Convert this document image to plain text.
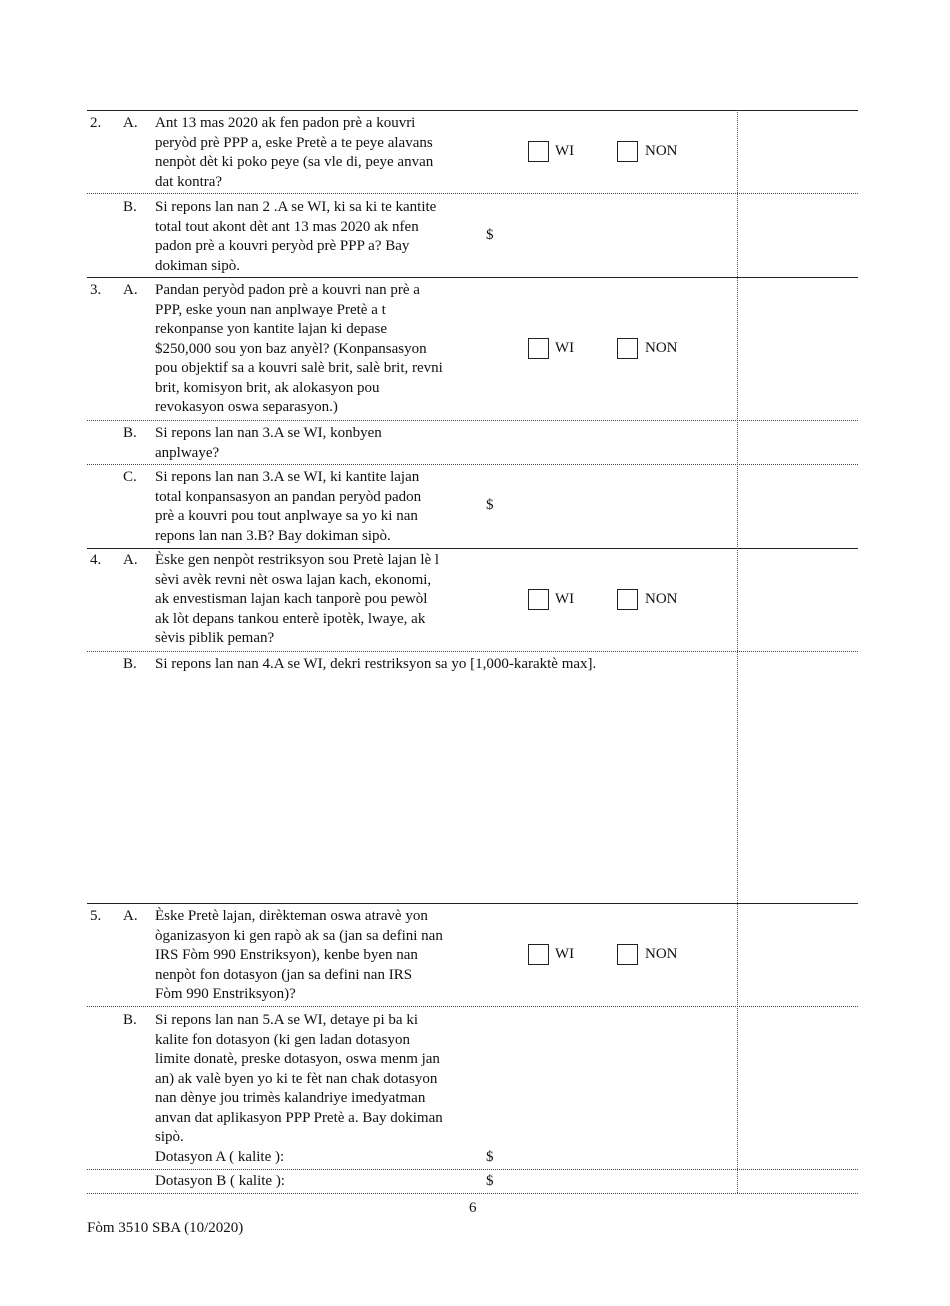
2. A. Ant 13 mas 2020 ak fen padon prè a kouvri
peryòd prè PPP a, eske Pretè a te peye alavans
nenpòt dèt ki poko peye (sa vle di, peye anvan
dat kontra?
WI	NON
B. Si repons lan nan 2 .A se WI, ki sa ki te kantite
total tout akont dèt ant 13 mas 2020 ak nfen
padon prè a kouvri peryòd prè PPP a? Bay
dokiman sipò.
$
3. A. Pandan peryòd padon prè a kouvri nan prè a
PPP, eske youn nan anplwaye Pretè a t
rekonpanse yon kantite lajan ki depase
$250,000 sou yon baz anyèl? (Konpansasyon
pou objektif sa a kouvri salè brit, salè brit, revni
brit, komisyon brit, ak alokasyon pou
revokasyon oswa separasyon.)
WI	NON
B. Si repons lan nan 3.A se WI, konbyen
anplwaye?
C. Si repons lan nan 3.A se WI, ki kantite lajan
total konpansasyon an pandan peryòd padon
prè a kouvri pou tout anplwaye sa yo ki nan
repons lan nan 3.B? Bay dokiman sipò.
$
4. A. Èske gen nenpòt restriksyon sou Pretè lajan lè l
sèvi avèk revni nèt oswa lajan kach, ekonomi,
ak envestisman lajan kach tanporè pou pewòl
ak lòt depans tankou enterè ipotèk, lwaye, ak
sèvis piblik peman?
WI	NON
B. Si repons lan nan 4.A se WI, dekri restriksyon sa yo [1,000-karaktè max].
5. A. Èske Pretè lajan, dirèkteman oswa atravè yon
òganizasyon ki gen rapò ak sa (jan sa defini nan
IRS Fòm 990 Enstriksyon), kenbe byen nan
nenpòt fon dotasyon (jan sa defini nan IRS
Fòm 990 Enstriksyon)?
WI	NON
B. Si repons lan nan 5.A se WI, detaye pi ba ki
kalite fon dotasyon (ki gen ladan dotasyon
limite donatè, preske dotasyon, oswa menm jan
an) ak valè byen yo ki te fèt nan chak dotasyon
nan dènye jou trimès kalandriye imedyatman
anvan dat aplikasyon PPP Pretè a. Bay dokiman
sipò.
Dotasyon A ( kalite ):	$
Dotasyon B ( kalite ):	$
6
Fòm 3510 SBA (10/2020)
